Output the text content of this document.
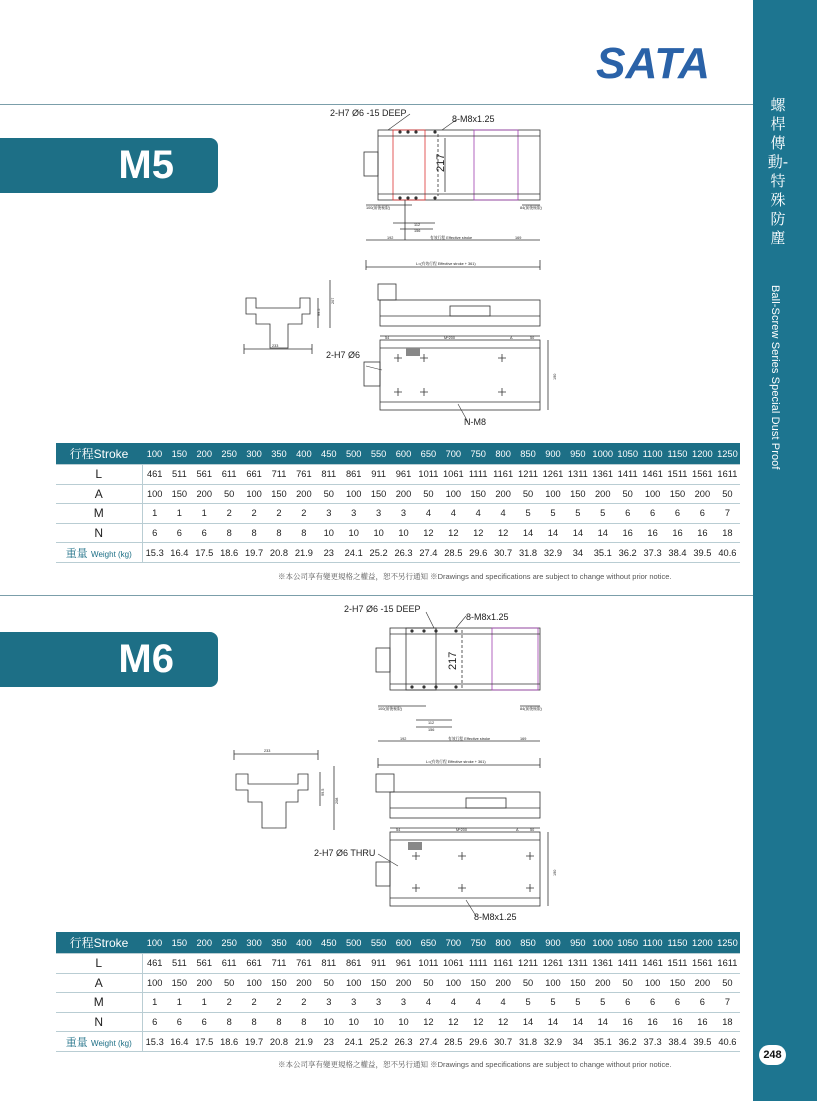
螺桿傳動-特殊防塵
Ball-Screw Series Special Dust Proof
248
SATA
M5	217
2-H7 Ø6 -15 DEEP
8-M8x1.25
100(前後極限)	84(前後極限)
112
156
192	有效行程 Effective stroke	169
L=(有效行程 Effective stroke + 361)
233
99.5
207
54	M*200	A	50
190
2-H7 Ø6
N-M8
行程Stroke	100	150	200	250	300	350	400	450	500	550	600	650	700	750	800	850	900	950	1000	1050	1100	1150	1200	1250
L	461	511	561	611	661	711	761	811	861	911	961	1011	1061	1111	1161	1211	1261	1311	1361	1411	1461	1511	1561	1611
A	100	150	200	50	100	150	200	50	100	150	200	50	100	150	200	50	100	150	200	50	100	150	200	50
M	1	1	1	2	2	2	2	3	3	3	3	4	4	4	4	5	5	5	5	6	6	6	6	7
N	6	6	6	8	8	8	8	10	10	10	10	12	12	12	12	14	14	14	14	16	16	16	16	18
重量 Weight (kg)	15.3	16.4	17.5	18.6	19.7	20.8	21.9	23	24.1	25.2	26.3	27.4	28.5	29.6	30.7	31.8	32.9	34	35.1	36.2	37.3	38.4	39.5	40.6
※本公司享有變更規格之權益，恕不另行通知 ※Drawings and specifications are subject to change without prior notice.
M6	217
2-H7 Ø6 -15 DEEP
8-M8x1.25
100(前後極限)	84(前後極限)
112
156
192	有效行程 Effective stroke	169
L=(有效行程 Effective stroke + 361)
233
99.5
208
54	M*200	A	50
190
2-H7 Ø6 THRU
8-M8x1.25
行程Stroke	100	150	200	250	300	350	400	450	500	550	600	650	700	750	800	850	900	950	1000	1050	1100	1150	1200	1250
L	461	511	561	611	661	711	761	811	861	911	961	1011	1061	1111	1161	1211	1261	1311	1361	1411	1461	1511	1561	1611
A	100	150	200	50	100	150	200	50	100	150	200	50	100	150	200	50	100	150	200	50	100	150	200	50
M	1	1	1	2	2	2	2	3	3	3	3	4	4	4	4	5	5	5	5	6	6	6	6	7
N	6	6	6	8	8	8	8	10	10	10	10	12	12	12	12	14	14	14	14	16	16	16	16	18
重量 Weight (kg)	15.3	16.4	17.5	18.6	19.7	20.8	21.9	23	24.1	25.2	26.3	27.4	28.5	29.6	30.7	31.8	32.9	34	35.1	36.2	37.3	38.4	39.5	40.6
※本公司享有變更規格之權益，恕不另行通知 ※Drawings and specifications are subject to change without prior notice.
